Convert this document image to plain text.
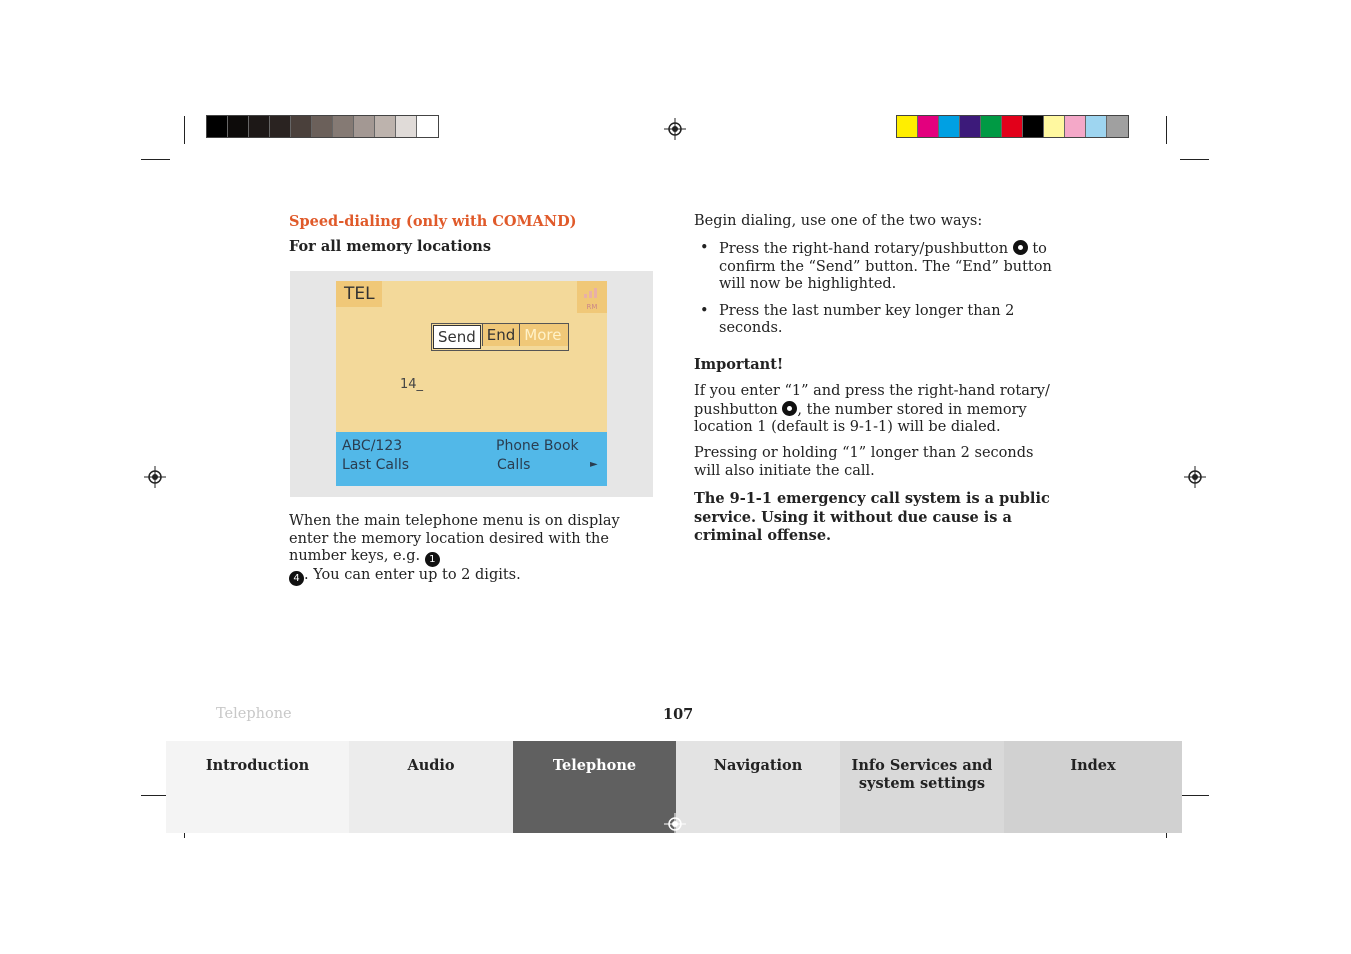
Speed-dialing (only with COMAND)
For all memory locations
TEL
RM
Send End More
14_
ABC/123
Last Calls
Phone Book
Calls	►
When the main telephone menu is on display enter the memory location desired with the number keys, e.g. 1
4 . You can enter up to 2 digits.
Begin dialing, use one of the two ways:
• Press the right-hand rotary/pushbutton  to confirm the “Send” button. The “End” button will now be highlighted.
• Press the last number key longer than 2 seconds.
Important!
If you enter “1” and press the right-hand rotary/ pushbutton , the number stored in memory location 1 (default is 9-1-1) will be dialed.
Pressing or holding “1” longer than 2 seconds will also initiate the call.
The 9-1-1 emergency call system is a public service. Using it without due cause is a criminal offense.
Telephone	107
Introduction	Audio	Telephone	Navigation	Info Services and
system settings
Index
